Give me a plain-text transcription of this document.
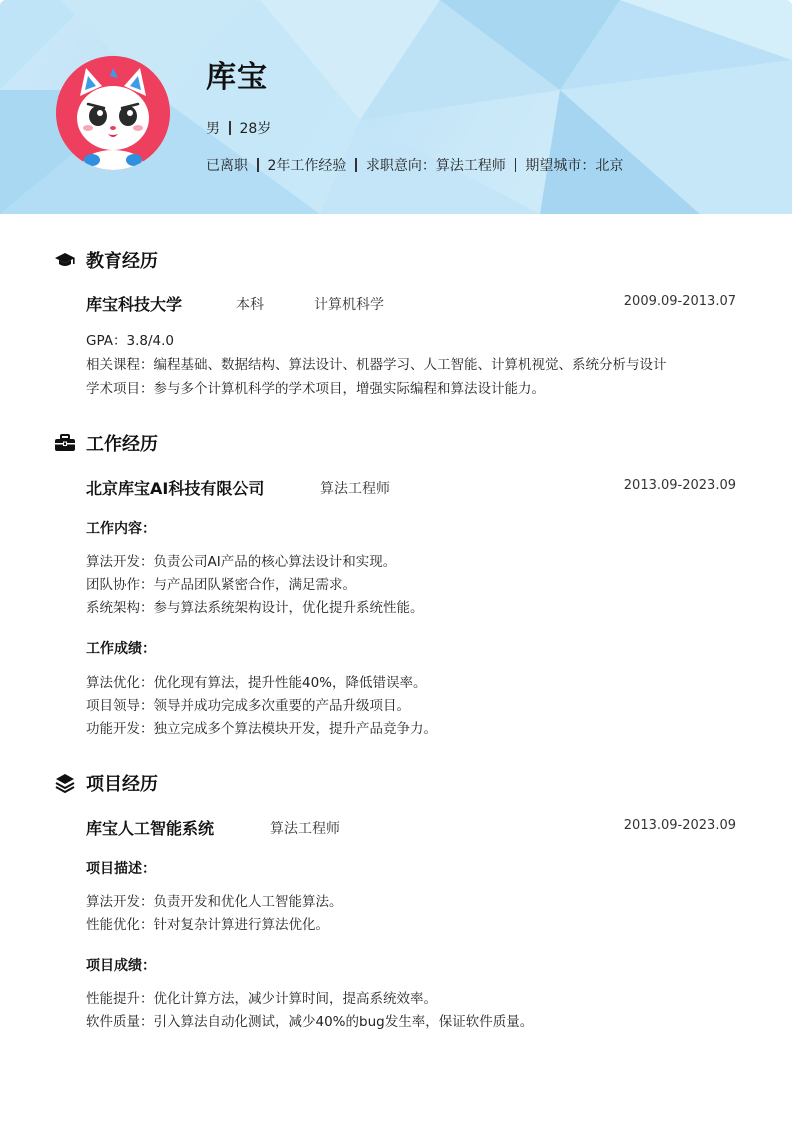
库宝
男 28岁
已离职 2年工作经验 求职意向：算法工程师 期望城市：北京
教育经历
库宝科技大学	本科	计算机科学	2009.09-2013.07
GPA：3.8/4.0
相关课程：编程基础、数据结构、算法设计、机器学习、人工智能、计算机视觉、系统分析与设计
学术项目：参与多个计算机科学的学术项目，增强实际编程和算法设计能力。
工作经历
北京库宝AI科技有限公司	算法工程师	2013.09-2023.09
工作内容：
算法开发：负责公司AI产品的核心算法设计和实现。
团队协作：与产品团队紧密合作，满足需求。
系统架构：参与算法系统架构设计，优化提升系统性能。
工作成绩：
算法优化：优化现有算法，提升性能40%，降低错误率。
项目领导：领导并成功完成多次重要的产品升级项目。
功能开发：独立完成多个算法模块开发，提升产品竞争力。
项目经历
库宝人工智能系统	算法工程师	2013.09-2023.09
项目描述：
算法开发：负责开发和优化人工智能算法。
性能优化：针对复杂计算进行算法优化。
项目成绩：
性能提升：优化计算方法，减少计算时间，提高系统效率。
软件质量：引入算法自动化测试，减少40%的bug发生率，保证软件质量。
